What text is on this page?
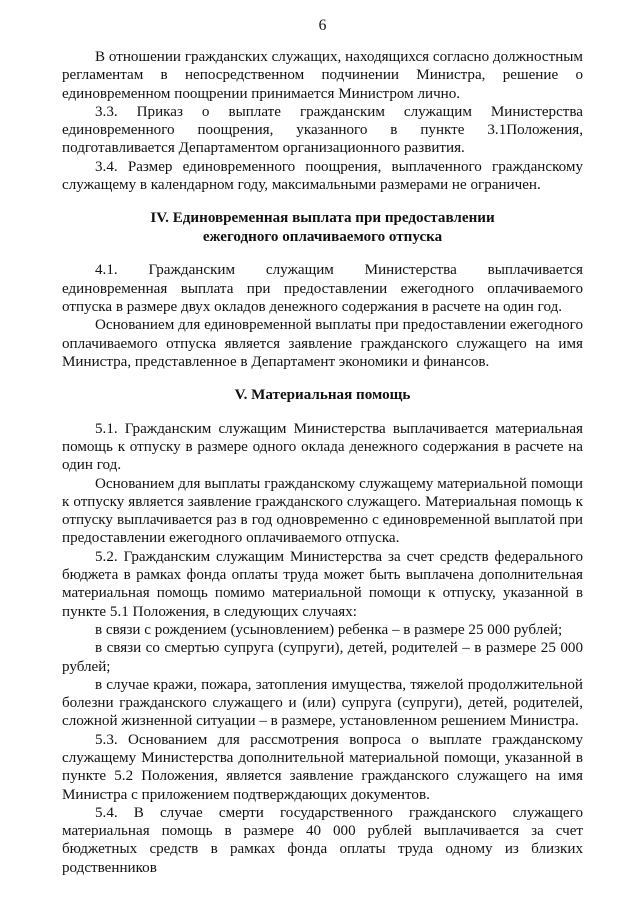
6

В отношении гражданских служащих, находящихся согласно должностным регламентам в непосредственном подчинении Министра, решение о единовременном поощрении принимается Министром лично.

3.3. Приказ о выплате гражданским служащим Министерства единовременного поощрения, указанного в пункте 3.1Положения, подготавливается Департаментом организационного развития.

3.4. Размер единовременного поощрения, выплаченного гражданскому служащему в календарном году, максимальными размерами не ограничен.

IV. Единовременная выплата при предоставлении
ежегодного оплачиваемого отпуска

4.1. Гражданским служащим Министерства выплачивается единовременная выплата при предоставлении ежегодного оплачиваемого отпуска в размере двух окладов денежного содержания в расчете на один год.

Основанием для единовременной выплаты при предоставлении ежегодного оплачиваемого отпуска является заявление гражданского служащего на имя Министра, представленное в Департамент экономики и финансов.

V. Материальная помощь

5.1. Гражданским служащим Министерства выплачивается материальная помощь к отпуску в размере одного оклада денежного содержания в расчете на один год.

Основанием для выплаты гражданскому служащему материальной помощи к отпуску является заявление гражданского служащего. Материальная помощь к отпуску выплачивается раз в год одновременно с единовременной выплатой при предоставлении ежегодного оплачиваемого отпуска.

5.2. Гражданским служащим Министерства за счет средств федерального бюджета в рамках фонда оплаты труда может быть выплачена дополнительная материальная помощь помимо материальной помощи к отпуску, указанной в пункте 5.1 Положения, в следующих случаях:

в связи с рождением (усыновлением) ребенка – в размере 25 000 рублей;

в связи со смертью супруга (супруги), детей, родителей – в размере 25 000 рублей;

в случае кражи, пожара, затопления имущества, тяжелой продолжительной болезни гражданского служащего и (или) супруга (супруги), детей, родителей, сложной жизненной ситуации – в размере, установленном решением Министра.

5.3. Основанием для рассмотрения вопроса о выплате гражданскому служащему Министерства дополнительной материальной помощи, указанной в пункте 5.2 Положения, является заявление гражданского служащего на имя Министра с приложением подтверждающих документов.

5.4. В случае смерти государственного гражданского служащего материальная помощь в размере 40 000 рублей выплачивается за счет бюджетных средств в рамках фонда оплаты труда одному из близких родственников
